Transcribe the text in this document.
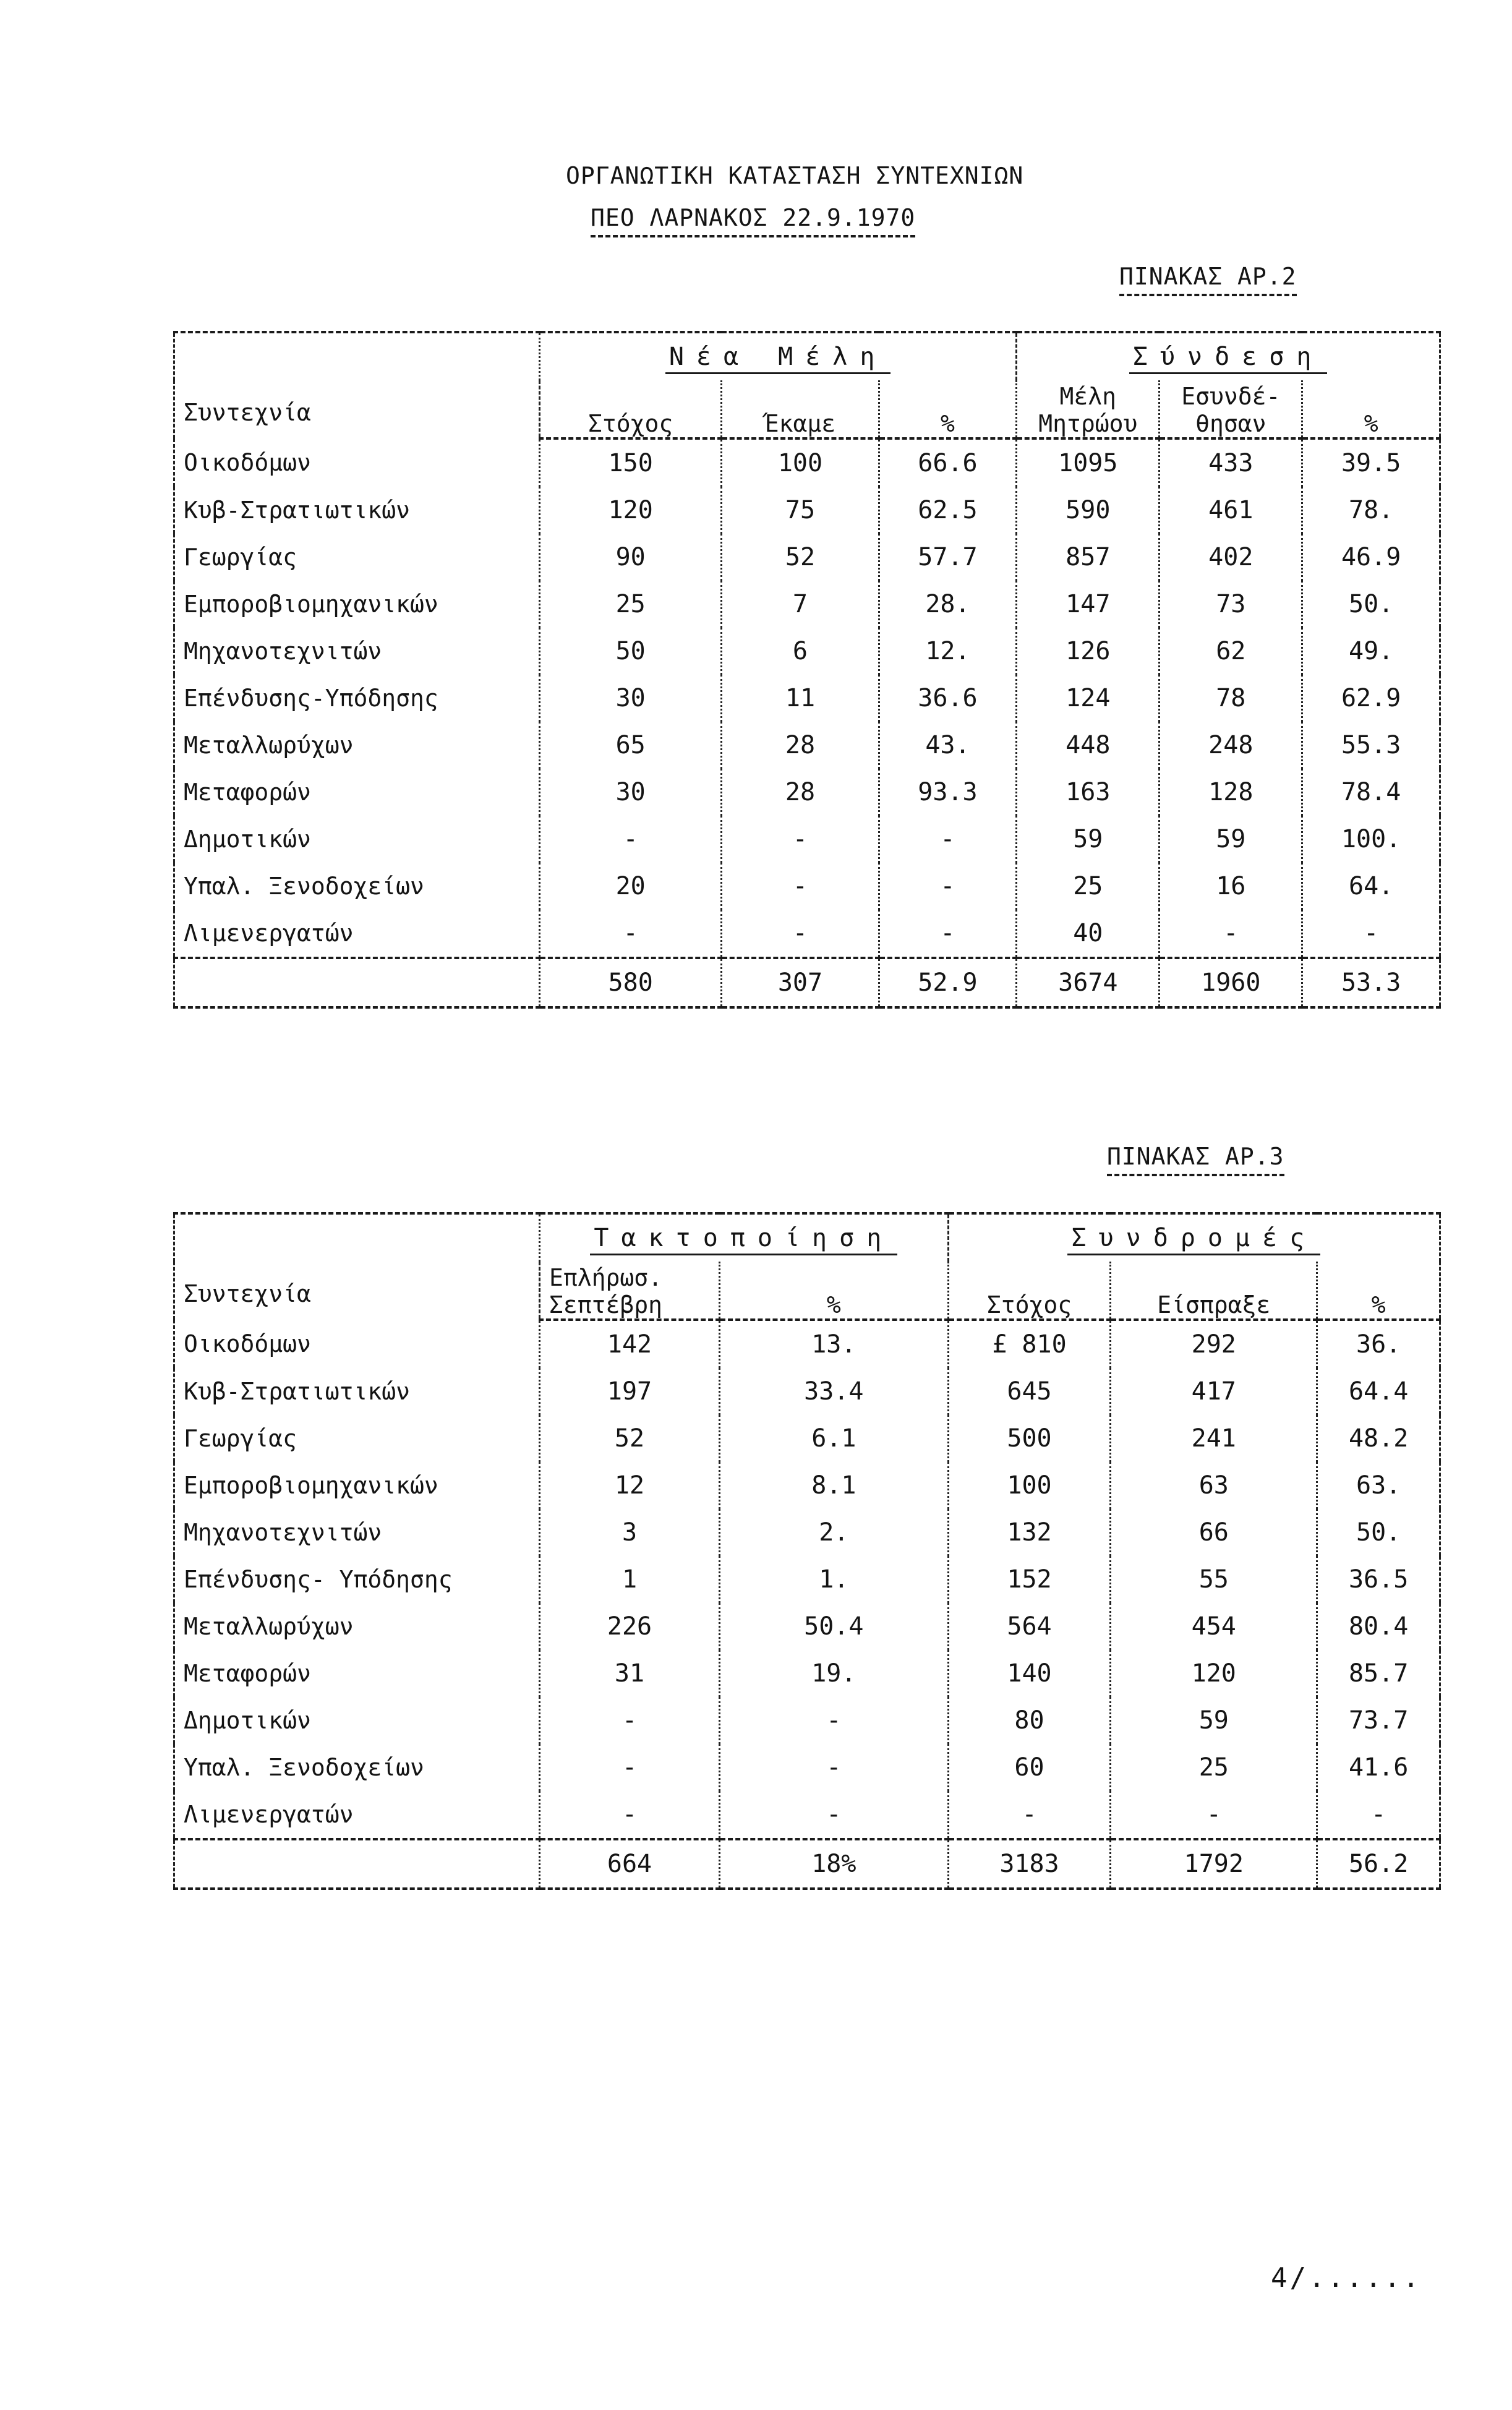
ΟΡΓΑΝΩΤΙΚΗ ΚΑΤΑΣΤΑΣΗ ΣΥΝΤΕΧΝΙΩΝ
ΠΕΟ ΛΑΡΝΑΚΟΣ 22.9.1970
ΠΙΝΑΚΑΣ ΑΡ.2
Συντεχνία	Νέα Μέλη			Σύνδεση		
	Στόχος	Έκαμε	%	Μέλη Μητρώου	Εσυνδέ- θησαν	%
Οικοδόμων	150	100	66.6	1095	433	39.5
Κυβ-Στρατιωτικών	120	75	62.5	590	461	78.
Γεωργίας	90	52	57.7	857	402	46.9
Εμποροβιομηχανικών	25	7	28.	147	73	50.
Μηχανοτεχνιτών	50	6	12.	126	62	49.
Επένδυσης-Υπόδησης	30	11	36.6	124	78	62.9
Μεταλλωρύχων	65	28	43.	448	248	55.3
Μεταφορών	30	28	93.3	163	128	78.4
Δημοτικών	-	-	-	59	59	100.
Υπαλ. Ξενοδοχείων	20	-	-	25	16	64.
Λιμενεργατών	-	-	-	40	-	-
	580	307	52.9	3674	1960	53.3
ΠΙΝΑΚΑΣ ΑΡ.3
Συντεχνία	Τακτοποίηση		Συνδρομές		
	Επλήρωσ. Σεπτέβρη	%	Στόχος	Είσπραξε	%
Οικοδόμων	142	13.	£ 810	292	36.
Κυβ-Στρατιωτικών	197	33.4	645	417	64.4
Γεωργίας	52	6.1	500	241	48.2
Εμποροβιομηχανικών	12	8.1	100	63	63.
Μηχανοτεχνιτών	3	2.	132	66	50.
Επένδυσης- Υπόδησης	1	1.	152	55	36.5
Μεταλλωρύχων	226	50.4	564	454	80.4
Μεταφορών	31	19.	140	120	85.7
Δημοτικών	-	-	80	59	73.7
Υπαλ. Ξενοδοχείων	-	-	60	25	41.6
Λιμενεργατών	-	-	-	-	-
	664	18%	3183	1792	56.2
4/......
